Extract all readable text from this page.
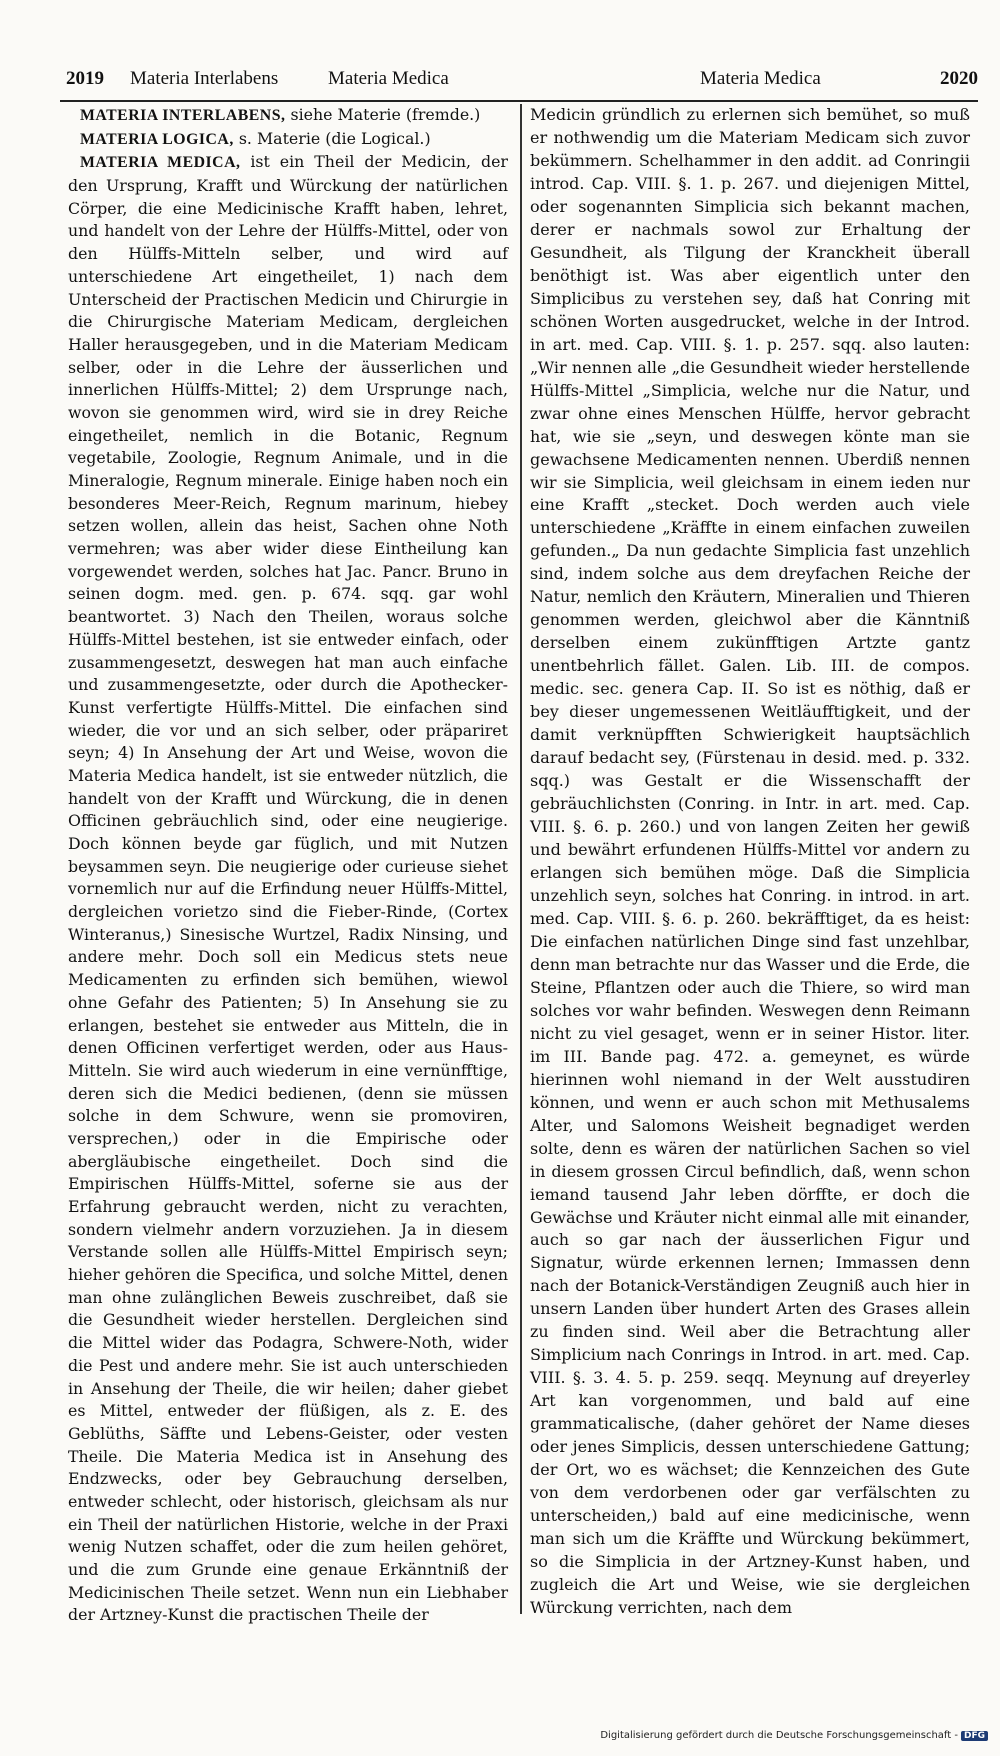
2019 Materia Interlabens	Materia Medica	Materia Medica	2020

MATERIA INTERLABENS, siehe Materie (fremde.)

MATERIA LOGICA, s. Materie (die Logical.)

MATERIA MEDICA, ist ein Theil der Medicin, der den Ursprung, Krafft und Würckung der natürlichen Cörper, die eine Medicinische Krafft haben, lehret, und handelt von der Lehre der Hülffs-Mittel, oder von den Hülffs-Mitteln selber, und wird auf unterschiedene Art eingetheilet, 1) nach dem Unterscheid der Practischen Medicin und Chirurgie in die Chirurgische Materiam Medicam, dergleichen Haller herausgegeben, und in die Materiam Medicam selber, oder in die Lehre der äusserlichen und innerlichen Hülffs-Mittel; 2) dem Ursprunge nach, wovon sie genommen wird, wird sie in drey Reiche eingetheilet, nemlich in die Botanic, Regnum vegetabile, Zoologie, Regnum Animale, und in die Mineralogie, Regnum minerale. Einige haben noch ein besonderes Meer-Reich, Regnum marinum, hiebey setzen wollen, allein das heist, Sachen ohne Noth vermehren; was aber wider diese Eintheilung kan vorgewendet werden, solches hat Jac. Pancr. Bruno in seinen dogm. med. gen. p. 674. sqq. gar wohl beantwortet. 3) Nach den Theilen, woraus solche Hülffs-Mittel bestehen, ist sie entweder einfach, oder zusammengesetzt, deswegen hat man auch einfache und zusammengesetzte, oder durch die Apothecker-Kunst verfertigte Hülffs-Mittel. Die einfachen sind wieder, die vor und an sich selber, oder präpariret seyn; 4) In Ansehung der Art und Weise, wovon die Materia Medica handelt, ist sie entweder nützlich, die handelt von der Krafft und Würckung, die in denen Officinen gebräuchlich sind, oder eine neugierige. Doch können beyde gar füglich, und mit Nutzen beysammen seyn. Die neugierige oder curieuse siehet vornemlich nur auf die Erfindung neuer Hülffs-Mittel, dergleichen vorietzo sind die Fieber-Rinde, (Cortex Winteranus,) Sinesische Wurtzel, Radix Ninsing, und andere mehr. Doch soll ein Medicus stets neue Medicamenten zu erfinden sich bemühen, wiewol ohne Gefahr des Patienten; 5) In Ansehung sie zu erlangen, bestehet sie entweder aus Mitteln, die in denen Officinen verfertiget werden, oder aus Haus-Mitteln. Sie wird auch wiederum in eine vernünfftige, deren sich die Medici bedienen, (denn sie müssen solche in dem Schwure, wenn sie promoviren, versprechen,) oder in die Empirische oder abergläubische eingetheilet. Doch sind die Empirischen Hülffs-Mittel, soferne sie aus der Erfahrung gebraucht werden, nicht zu verachten, sondern vielmehr andern vorzuziehen. Ja in diesem Verstande sollen alle Hülffs-Mittel Empirisch seyn; hieher gehören die Specifica, und solche Mittel, denen man ohne zulänglichen Beweis zuschreibet, daß sie die Gesundheit wieder herstellen. Dergleichen sind die Mittel wider das Podagra, Schwere-Noth, wider die Pest und andere mehr. Sie ist auch unterschieden in Ansehung der Theile, die wir heilen; daher giebet es Mittel, entweder der flüßigen, als z. E. des Geblüths, Säffte und Lebens-Geister, oder vesten Theile. Die Materia Medica ist in Ansehung des Endzwecks, oder bey Gebrauchung derselben, entweder schlecht, oder historisch, gleichsam als nur ein Theil der natürlichen Historie, welche in der Praxi wenig Nutzen schaffet, oder die zum heilen gehöret, und die zum Grunde eine genaue Erkänntniß der Medicinischen Theile setzet. Wenn nun ein Liebhaber der Artzney-Kunst die practischen Theile der

Medicin gründlich zu erlernen sich bemühet, so muß er nothwendig um die Materiam Medicam sich zuvor bekümmern. Schelhammer in den addit. ad Conringii introd. Cap. VIII. §. 1. p. 267. und diejenigen Mittel, oder sogenannten Simplicia sich bekannt machen, derer er nachmals sowol zur Erhaltung der Gesundheit, als Tilgung der Kranckheit überall benöthigt ist. Was aber eigentlich unter den Simplicibus zu verstehen sey, daß hat Conring mit schönen Worten ausgedrucket, welche in der Introd. in art. med. Cap. VIII. §. 1. p. 257. sqq. also lauten: „Wir nennen alle „die Gesundheit wieder herstellende Hülffs-Mittel „Simplicia, welche nur die Natur, und zwar ohne eines Menschen Hülffe, hervor gebracht hat, wie sie „seyn, und deswegen könte man sie gewachsene Medicamenten nennen. Uberdiß nennen wir sie Simplicia, weil gleichsam in einem ieden nur eine Krafft „stecket. Doch werden auch viele unterschiedene „Kräffte in einem einfachen zuweilen gefunden.„ Da nun gedachte Simplicia fast unzehlich sind, indem solche aus dem dreyfachen Reiche der Natur, nemlich den Kräutern, Mineralien und Thieren genommen werden, gleichwol aber die Känntniß derselben einem zukünfftigen Artzte gantz unentbehrlich fället. Galen. Lib. III. de compos. medic. sec. genera Cap. II. So ist es nöthig, daß er bey dieser ungemessenen Weitläufftigkeit, und der damit verknüpfften Schwierigkeit hauptsächlich darauf bedacht sey, (Fürstenau in desid. med. p. 332. sqq.) was Gestalt er die Wissenschafft der gebräuchlichsten (Conring. in Intr. in art. med. Cap. VIII. §. 6. p. 260.) und von langen Zeiten her gewiß und bewährt erfundenen Hülffs-Mittel vor andern zu erlangen sich bemühen möge. Daß die Simplicia unzehlich seyn, solches hat Conring. in introd. in art. med. Cap. VIII. §. 6. p. 260. bekräfftiget, da es heist: Die einfachen natürlichen Dinge sind fast unzehlbar, denn man betrachte nur das Wasser und die Erde, die Steine, Pflantzen oder auch die Thiere, so wird man solches vor wahr befinden. Weswegen denn Reimann nicht zu viel gesaget, wenn er in seiner Histor. liter. im III. Bande pag. 472. a. gemeynet, es würde hierinnen wohl niemand in der Welt ausstudiren können, und wenn er auch schon mit Methusalems Alter, und Salomons Weisheit begnadiget werden solte, denn es wären der natürlichen Sachen so viel in diesem grossen Circul befindlich, daß, wenn schon iemand tausend Jahr leben dörffte, er doch die Gewächse und Kräuter nicht einmal alle mit einander, auch so gar nach der äusserlichen Figur und Signatur, würde erkennen lernen; Immassen denn nach der Botanick-Verständigen Zeugniß auch hier in unsern Landen über hundert Arten des Grases allein zu finden sind. Weil aber die Betrachtung aller Simplicium nach Conrings in Introd. in art. med. Cap. VIII. §. 3. 4. 5. p. 259. seqq. Meynung auf dreyerley Art kan vorgenommen, und bald auf eine grammaticalische, (daher gehöret der Name dieses oder jenes Simplicis, dessen unterschiedene Gattung; der Ort, wo es wächset; die Kennzeichen des Gute von dem verdorbenen oder gar verfälschten zu unterscheiden,) bald auf eine medicinische, wenn man sich um die Kräffte und Würckung bekümmert, so die Simplicia in der Artzney-Kunst haben, und zugleich die Art und Weise, wie sie dergleichen Würckung verrichten, nach dem

Digitalisierung gefördert durch die Deutsche Forschungsgemeinschaft - DFG
